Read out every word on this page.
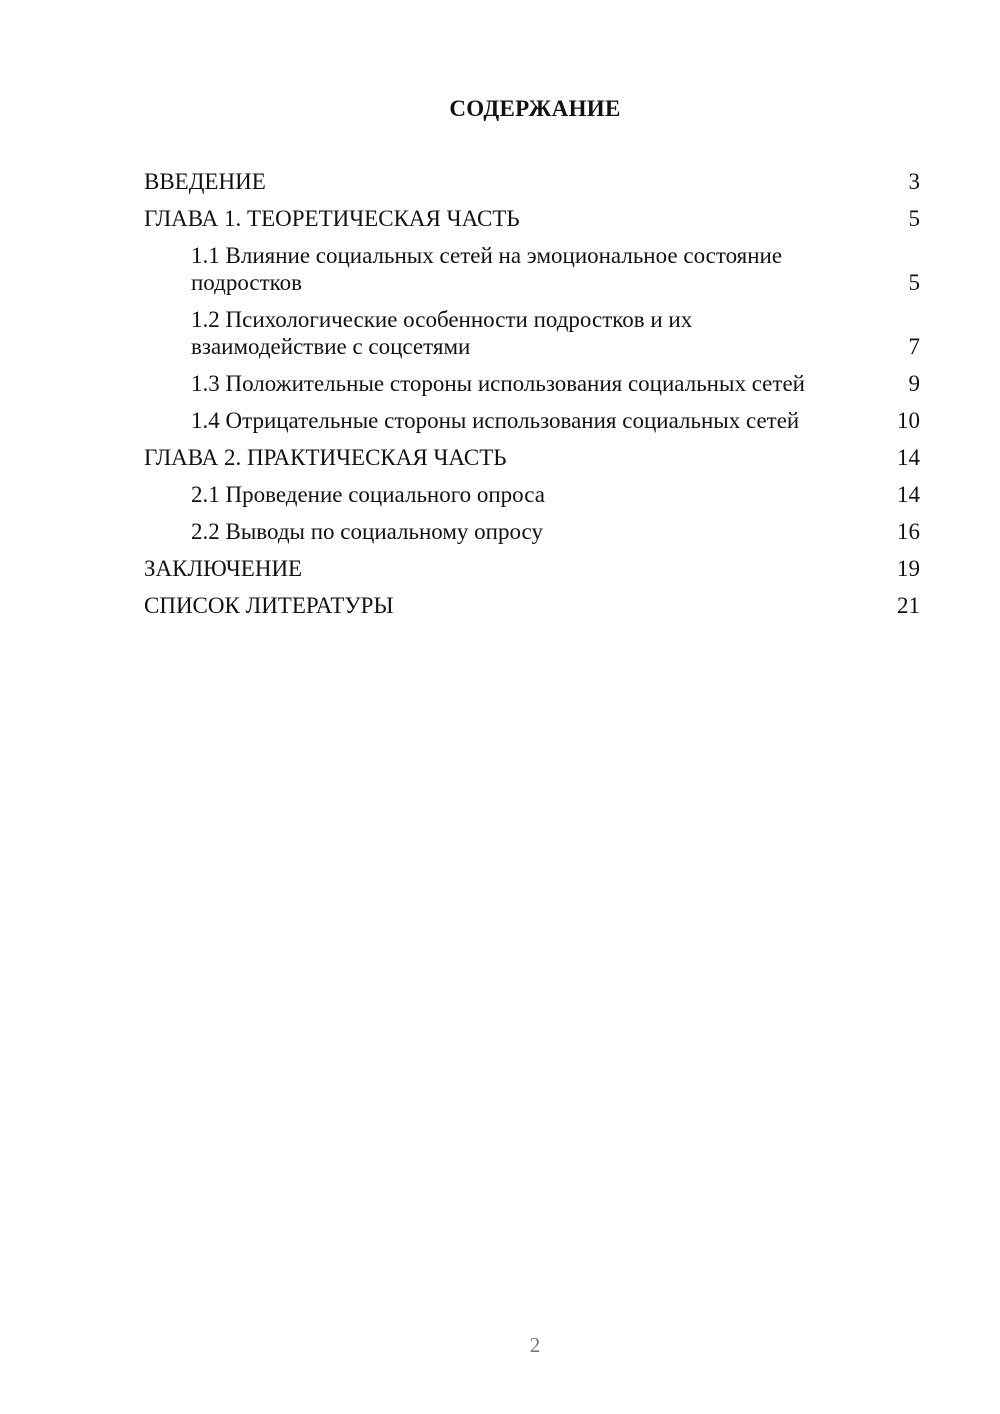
СОДЕРЖАНИЕ
ВВЕДЕНИЕ	3
ГЛАВА 1. ТЕОРЕТИЧЕСКАЯ ЧАСТЬ	5
1.1 Влияние социальных сетей на эмоциональное состояние подростков	5
1.2 Психологические особенности подростков и их взаимодействие с соцсетями	7
1.3 Положительные стороны использования социальных сетей	9
1.4 Отрицательные стороны использования социальных сетей	10
ГЛАВА 2. ПРАКТИЧЕСКАЯ ЧАСТЬ	14
2.1 Проведение социального опроса	14
2.2 Выводы по социальному опросу	16
ЗАКЛЮЧЕНИЕ	19
СПИСОК ЛИТЕРАТУРЫ	21
2
